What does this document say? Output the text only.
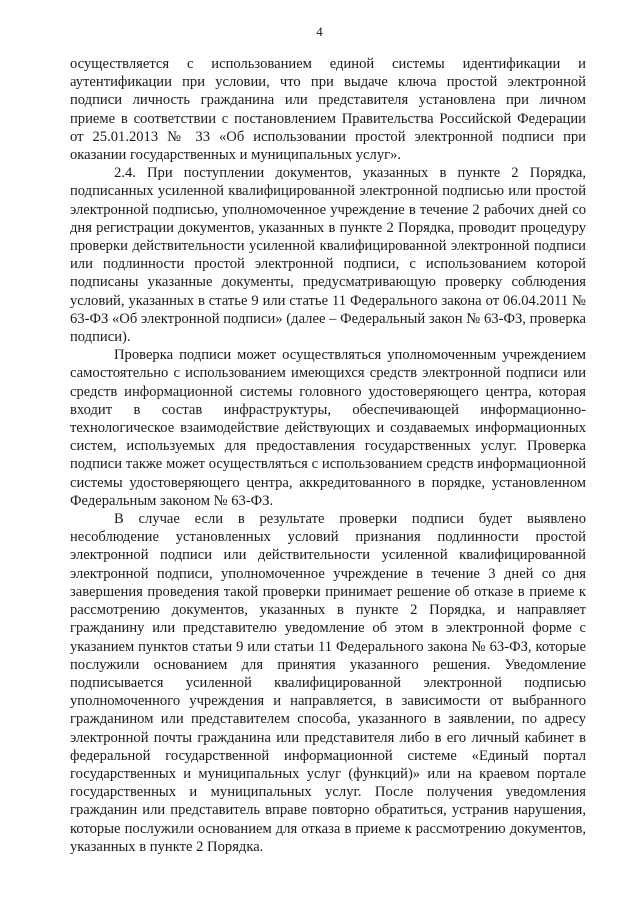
4

осуществляется с использованием единой системы идентификации и аутентификации при условии, что при выдаче ключа простой электронной подписи личность гражданина или представителя установлена при личном приеме в соответствии с постановлением Правительства Российской Федерации от 25.01.2013 № 33 «Об использовании простой электронной подписи при оказании государственных и муниципальных услуг».

2.4. При поступлении документов, указанных в пункте 2 Порядка, подписанных усиленной квалифицированной электронной подписью или простой электронной подписью, уполномоченное учреждение в течение 2 рабочих дней со дня регистрации документов, указанных в пункте 2 Порядка, проводит процедуру проверки действительности усиленной квалифицированной электронной подписи или подлинности простой электронной подписи, с использованием которой подписаны указанные документы, предусматривающую проверку соблюдения условий, указанных в статье 9 или статье 11 Федерального закона от 06.04.2011 № 63-ФЗ «Об электронной подписи» (далее – Федеральный закон № 63-ФЗ, проверка подписи).

Проверка подписи может осуществляться уполномоченным учреждением самостоятельно с использованием имеющихся средств электронной подписи или средств информационной системы головного удостоверяющего центра, которая входит в состав инфраструктуры, обеспечивающей информационно-технологическое взаимодействие действующих и создаваемых информационных систем, используемых для предоставления государственных услуг. Проверка подписи также может осуществляться с использованием средств информационной системы удостоверяющего центра, аккредитованного в порядке, установленном Федеральным законом № 63-ФЗ.

В случае если в результате проверки подписи будет выявлено несоблюдение установленных условий признания подлинности простой электронной подписи или действительности усиленной квалифицированной электронной подписи, уполномоченное учреждение в течение 3 дней со дня завершения проведения такой проверки принимает решение об отказе в приеме к рассмотрению документов, указанных в пункте 2 Порядка, и направляет гражданину или представителю уведомление об этом в электронной форме с указанием пунктов статьи 9 или статьи 11 Федерального закона № 63-ФЗ, которые послужили основанием для принятия указанного решения. Уведомление подписывается усиленной квалифицированной электронной подписью уполномоченного учреждения и направляется, в зависимости от выбранного гражданином или представителем способа, указанного в заявлении, по адресу электронной почты гражданина или представителя либо в его личный кабинет в федеральной государственной информационной системе «Единый портал государственных и муниципальных услуг (функций)» или на краевом портале государственных и муниципальных услуг. После получения уведомления гражданин или представитель вправе повторно обратиться, устранив нарушения, которые послужили основанием для отказа в приеме к рассмотрению документов, указанных в пункте 2 Порядка.
